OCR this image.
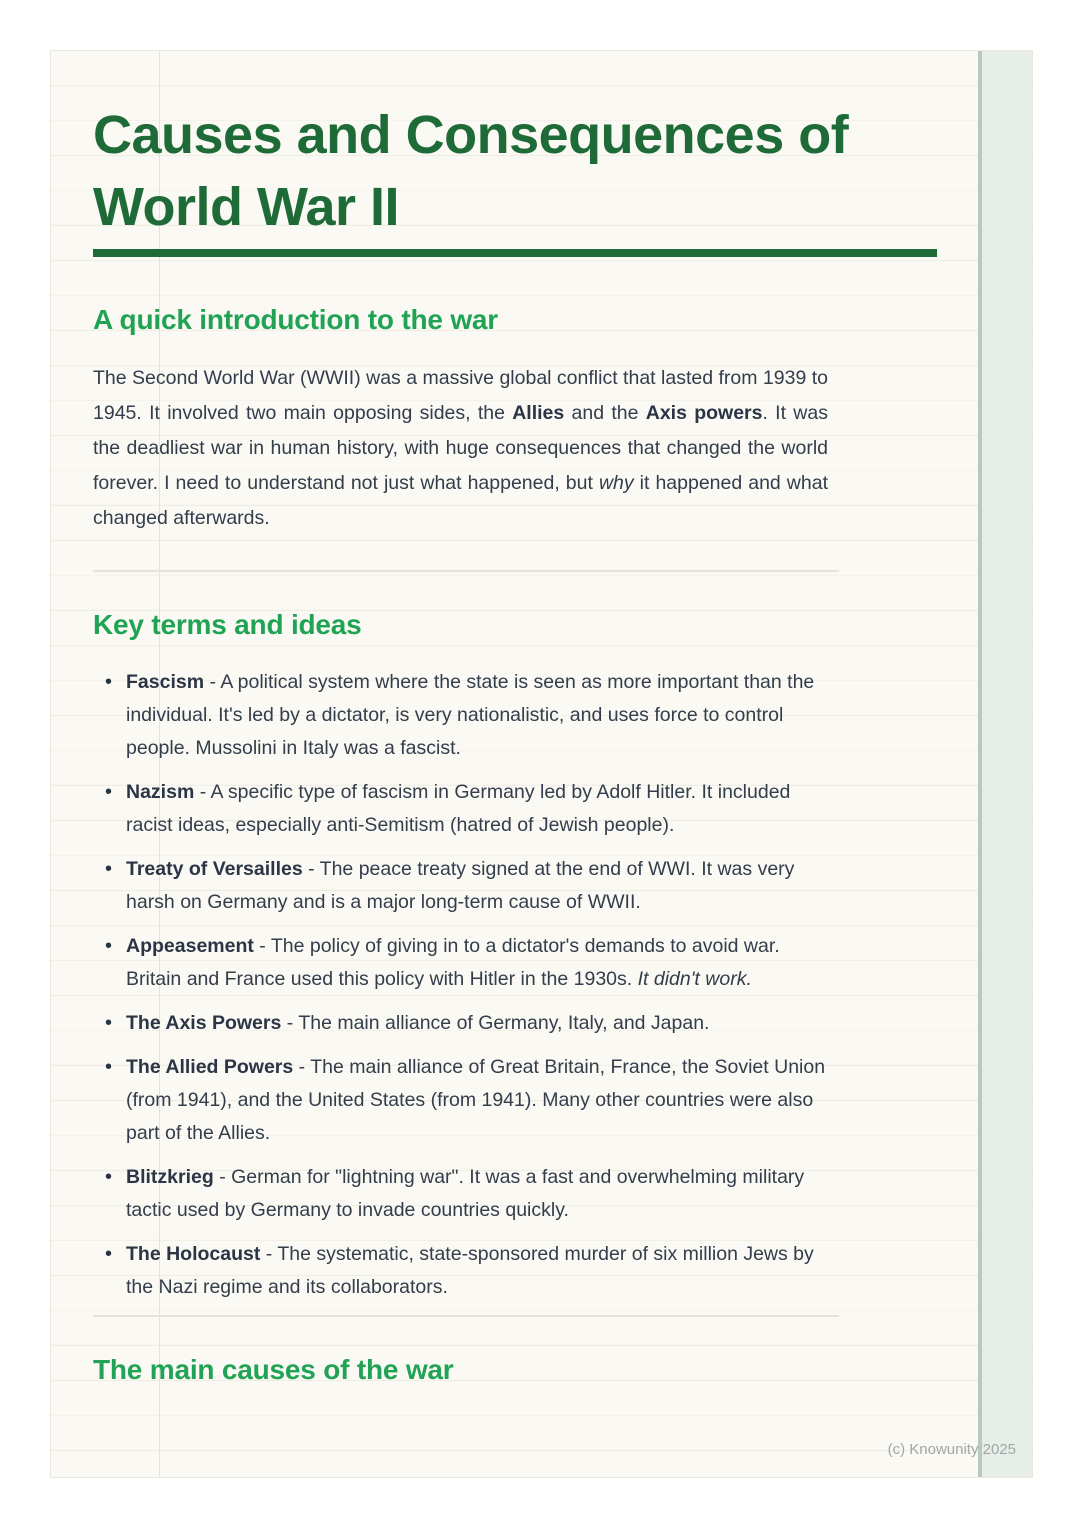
Causes and Consequences of World War II
A quick introduction to the war

The Second World War (WWII) was a massive global conflict that lasted from 1939 to 1945. It involved two main opposing sides, the Allies and the Axis powers. It was the deadliest war in human history, with huge consequences that changed the world forever. I need to understand not just what happened, but why it happened and what changed afterwards.

Key terms and ideas
• Fascism - A political system where the state is seen as more important than the individual. It's led by a dictator, is very nationalistic, and uses force to control people. Mussolini in Italy was a fascist.
• Nazism - A specific type of fascism in Germany led by Adolf Hitler. It included racist ideas, especially anti-Semitism (hatred of Jewish people).
• Treaty of Versailles - The peace treaty signed at the end of WWI. It was very harsh on Germany and is a major long-term cause of WWII.
• Appeasement - The policy of giving in to a dictator's demands to avoid war. Britain and France used this policy with Hitler in the 1930s. It didn't work.
• The Axis Powers - The main alliance of Germany, Italy, and Japan.
• The Allied Powers - The main alliance of Great Britain, France, the Soviet Union (from 1941), and the United States (from 1941). Many other countries were also part of the Allies.
• Blitzkrieg - German for "lightning war". It was a fast and overwhelming military tactic used by Germany to invade countries quickly.
• The Holocaust - The systematic, state-sponsored murder of six million Jews by the Nazi regime and its collaborators.
The main causes of the war
(c) Knowunity 2025
